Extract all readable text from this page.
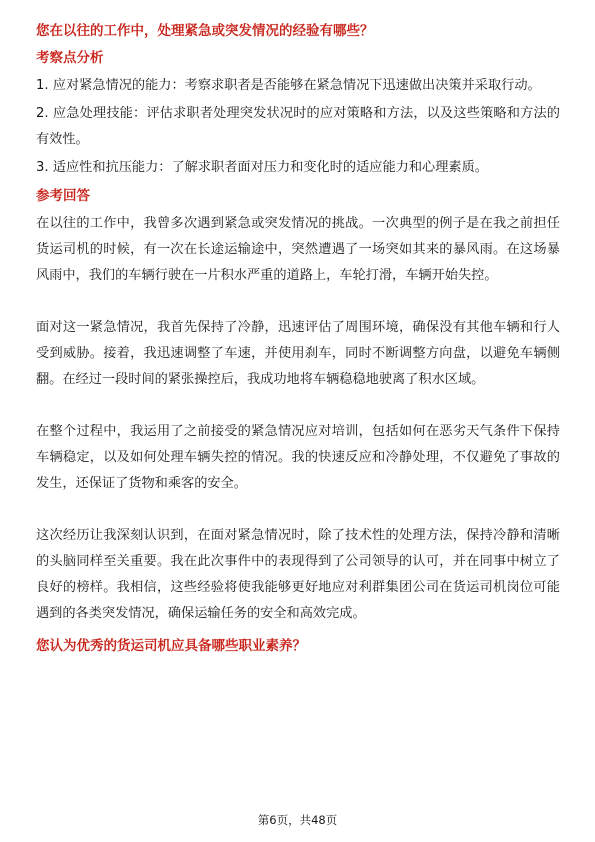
您在以往的工作中，处理紧急或突发情况的经验有哪些？
考察点分析

1. 应对紧急情况的能力：考察求职者是否能够在紧急情况下迅速做出决策并采取行动。

2. 应急处理技能：评估求职者处理突发状况时的应对策略和方法，以及这些策略和方法的有效性。

3. 适应性和抗压能力：了解求职者面对压力和变化时的适应能力和心理素质。

参考回答

在以往的工作中，我曾多次遇到紧急或突发情况的挑战。一次典型的例子是在我之前担任货运司机的时候，有一次在长途运输途中，突然遭遇了一场突如其来的暴风雨。在这场暴风雨中，我们的车辆行驶在一片积水严重的道路上，车轮打滑，车辆开始失控。

面对这一紧急情况，我首先保持了冷静，迅速评估了周围环境，确保没有其他车辆和行人受到威胁。接着，我迅速调整了车速，并使用刹车，同时不断调整方向盘，以避免车辆侧翻。在经过一段时间的紧张操控后，我成功地将车辆稳稳地驶离了积水区域。

在整个过程中，我运用了之前接受的紧急情况应对培训，包括如何在恶劣天气条件下保持车辆稳定，以及如何处理车辆失控的情况。我的快速反应和冷静处理，不仅避免了事故的发生，还保证了货物和乘客的安全。

这次经历让我深刻认识到，在面对紧急情况时，除了技术性的处理方法，保持冷静和清晰的头脑同样至关重要。我在此次事件中的表现得到了公司领导的认可，并在同事中树立了良好的榜样。我相信，这些经验将使我能够更好地应对利群集团公司在货运司机岗位可能遇到的各类突发情况，确保运输任务的安全和高效完成。

您认为优秀的货运司机应具备哪些职业素养？
第6页，共48页
